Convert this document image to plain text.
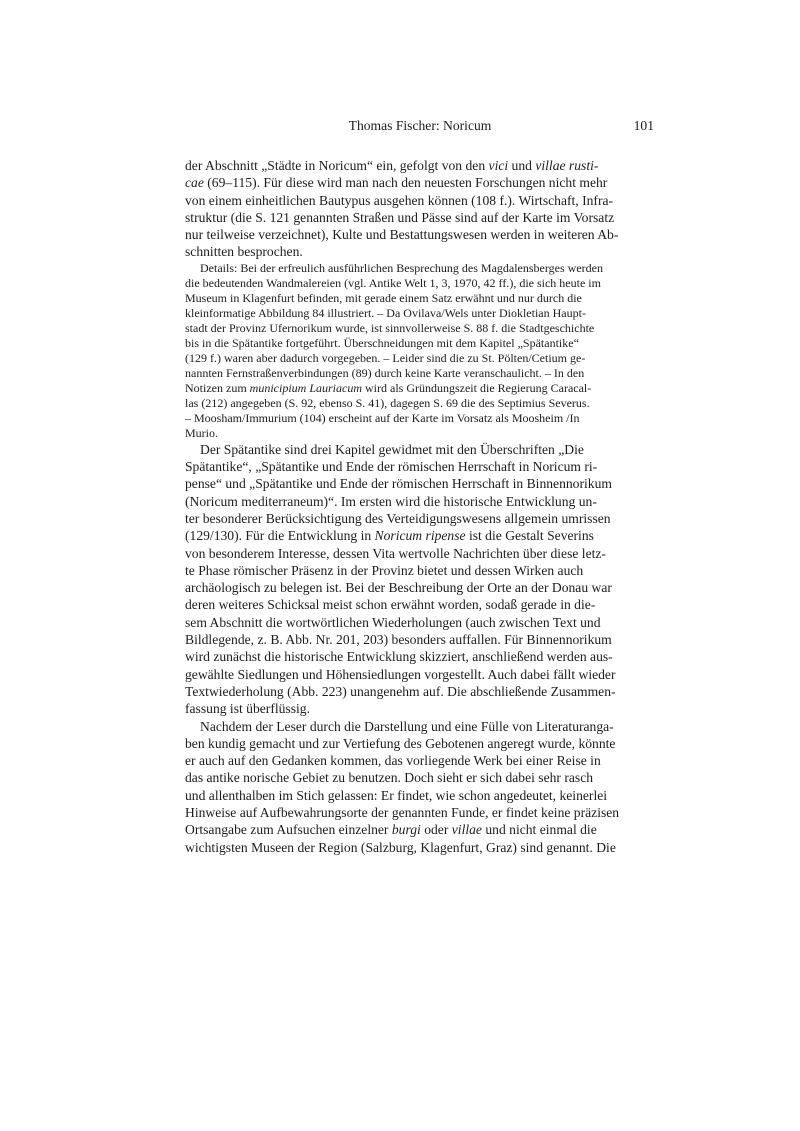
Thomas Fischer: Noricum	101
der Abschnitt „Städte in Noricum“ ein, gefolgt von den vici und villae rusti-
cae (69–115). Für diese wird man nach den neuesten Forschungen nicht mehr
von einem einheitlichen Bautypus ausgehen können (108 f.). Wirtschaft, Infra-
struktur (die S. 121 genannten Straßen und Pässe sind auf der Karte im Vorsatz
nur teilweise verzeichnet), Kulte und Bestattungswesen werden in weiteren Ab-
schnitten besprochen.
Details: Bei der erfreulich ausführlichen Besprechung des Magdalensberges werden
die bedeutenden Wandmalereien (vgl. Antike Welt 1, 3, 1970, 42 ff.), die sich heute im
Museum in Klagenfurt befinden, mit gerade einem Satz erwähnt und nur durch die
kleinformatige Abbildung 84 illustriert. – Da Ovilava/Wels unter Diokletian Haupt-
stadt der Provinz Ufernorikum wurde, ist sinnvollerweise S. 88 f. die Stadtgeschichte
bis in die Spätantike fortgeführt. Überschneidungen mit dem Kapitel „Spätantike“
(129 f.) waren aber dadurch vorgegeben. – Leider sind die zu St. Pölten/Cetium ge-
nannten Fernstraßenverbindungen (89) durch keine Karte veranschaulicht. – In den
Notizen zum municipium Lauriacum wird als Gründungszeit die Regierung Caracal-
las (212) angegeben (S. 92, ebenso S. 41), dagegen S. 69 die des Septimius Severus.
– Moosham/Immurium (104) erscheint auf der Karte im Vorsatz als Moosheim /In
Murio.
Der Spätantike sind drei Kapitel gewidmet mit den Überschriften „Die
Spätantike“, „Spätantike und Ende der römischen Herrschaft in Noricum ri-
pense“ und „Spätantike und Ende der römischen Herrschaft in Binnennorikum
(Noricum mediterraneum)“. Im ersten wird die historische Entwicklung un-
ter besonderer Berücksichtigung des Verteidigungswesens allgemein umrissen
(129/130). Für die Entwicklung in Noricum ripense ist die Gestalt Severins
von besonderem Interesse, dessen Vita wertvolle Nachrichten über diese letz-
te Phase römischer Präsenz in der Provinz bietet und dessen Wirken auch
archäologisch zu belegen ist. Bei der Beschreibung der Orte an der Donau war
deren weiteres Schicksal meist schon erwähnt worden, sodaß gerade in die-
sem Abschnitt die wortwörtlichen Wiederholungen (auch zwischen Text und
Bildlegende, z. B. Abb. Nr. 201, 203) besonders auffallen. Für Binnennorikum
wird zunächst die historische Entwicklung skizziert, anschließend werden aus-
gewählte Siedlungen und Höhensiedlungen vorgestellt. Auch dabei fällt wieder
Textwiederholung (Abb. 223) unangenehm auf. Die abschließende Zusammen-
fassung ist überflüssig.
Nachdem der Leser durch die Darstellung und eine Fülle von Literaturanga-
ben kundig gemacht und zur Vertiefung des Gebotenen angeregt wurde, könnte
er auch auf den Gedanken kommen, das vorliegende Werk bei einer Reise in
das antike norische Gebiet zu benutzen. Doch sieht er sich dabei sehr rasch
und allenthalben im Stich gelassen: Er findet, wie schon angedeutet, keinerlei
Hinweise auf Aufbewahrungsorte der genannten Funde, er findet keine präzisen
Ortsangabe zum Aufsuchen einzelner burgi oder villae und nicht einmal die
wichtigsten Museen der Region (Salzburg, Klagenfurt, Graz) sind genannt. Die
